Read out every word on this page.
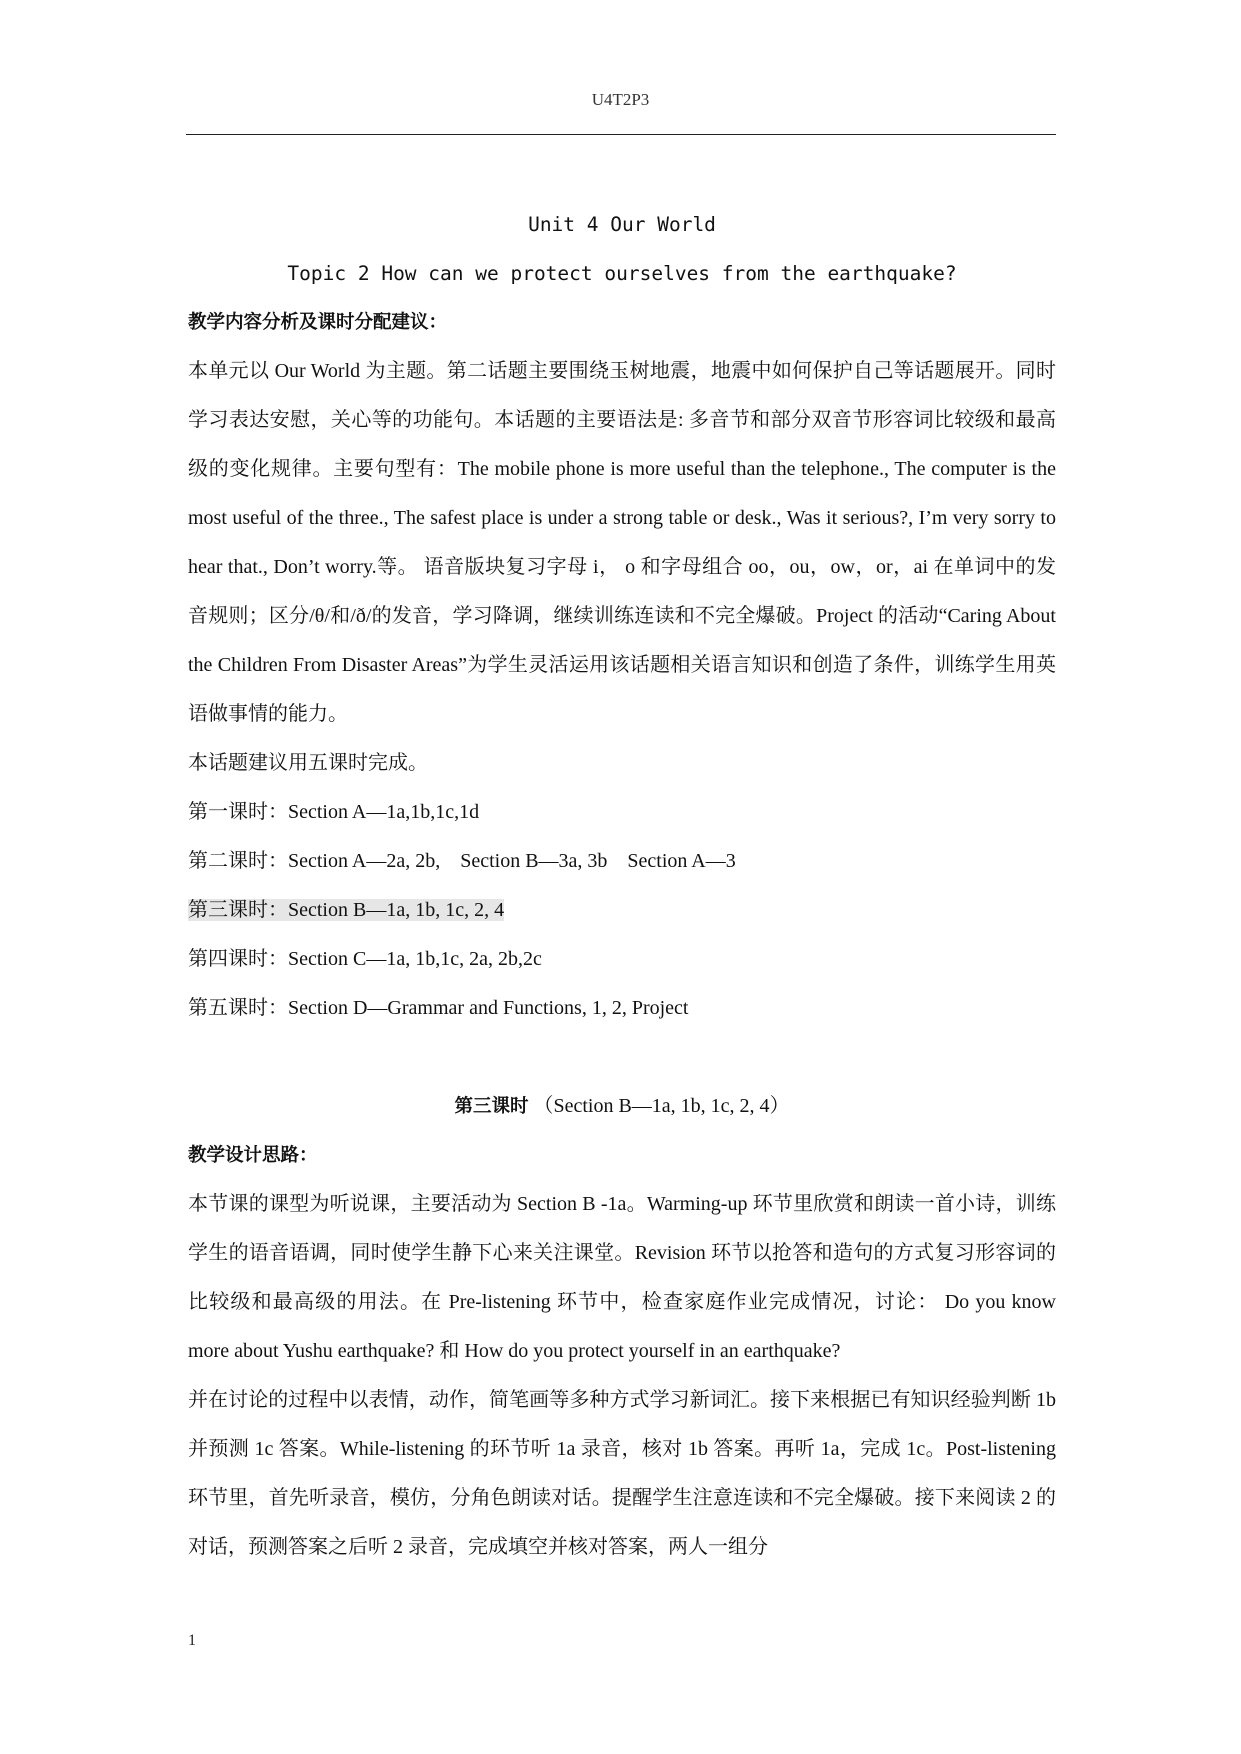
U4T2P3
Unit 4 Our World
Topic 2 How can we protect ourselves from the earthquake?
教学内容分析及课时分配建议：
本单元以 Our World 为主题。第二话题主要围绕玉树地震，地震中如何保护自己等话题展开。同时学习表达安慰，关心等的功能句。本话题的主要语法是: 多音节和部分双音节形容词比较级和最高级的变化规律。主要句型有：The mobile phone is more useful than the telephone., The computer is the most useful of the three., The safest place is under a strong table or desk., Was it serious?, I’m very sorry to hear that., Don’t worry.等。 语音版块复习字母 i， o 和字母组合 oo，ou，ow，or，ai 在单词中的发音规则；区分/θ/和/ð/的发音，学习降调，继续训练连读和不完全爆破。Project 的活动“Caring About the Children From Disaster Areas”为学生灵活运用该话题相关语言知识和创造了条件，训练学生用英语做事情的能力。
本话题建议用五课时完成。
第一课时：Section A—1a,1b,1c,1d
第二课时：Section A—2a, 2b,    Section B—3a, 3b    Section A—3
第三课时：Section B—1a, 1b, 1c, 2, 4
第四课时：Section C—1a, 1b,1c, 2a, 2b,2c
第五课时：Section D—Grammar and Functions, 1, 2, Project
第三课时 （Section B—1a, 1b, 1c, 2, 4）
教学设计思路：
本节课的课型为听说课，主要活动为 Section B -1a。Warming-up 环节里欣赏和朗读一首小诗，训练学生的语音语调，同时使学生静下心来关注课堂。Revision 环节以抢答和造句的方式复习形容词的比较级和最高级的用法。在 Pre-listening 环节中，检查家庭作业完成情况，讨论： Do you know more about Yushu earthquake? 和 How do you protect yourself in an earthquake?
并在讨论的过程中以表情，动作，简笔画等多种方式学习新词汇。接下来根据已有知识经验判断 1b 并预测 1c 答案。While-listening 的环节听 1a 录音，核对 1b 答案。再听 1a，完成 1c。Post-listening 环节里，首先听录音，模仿，分角色朗读对话。提醒学生注意连读和不完全爆破。接下来阅读 2 的对话，预测答案之后听 2 录音，完成填空并核对答案，两人一组分
1
